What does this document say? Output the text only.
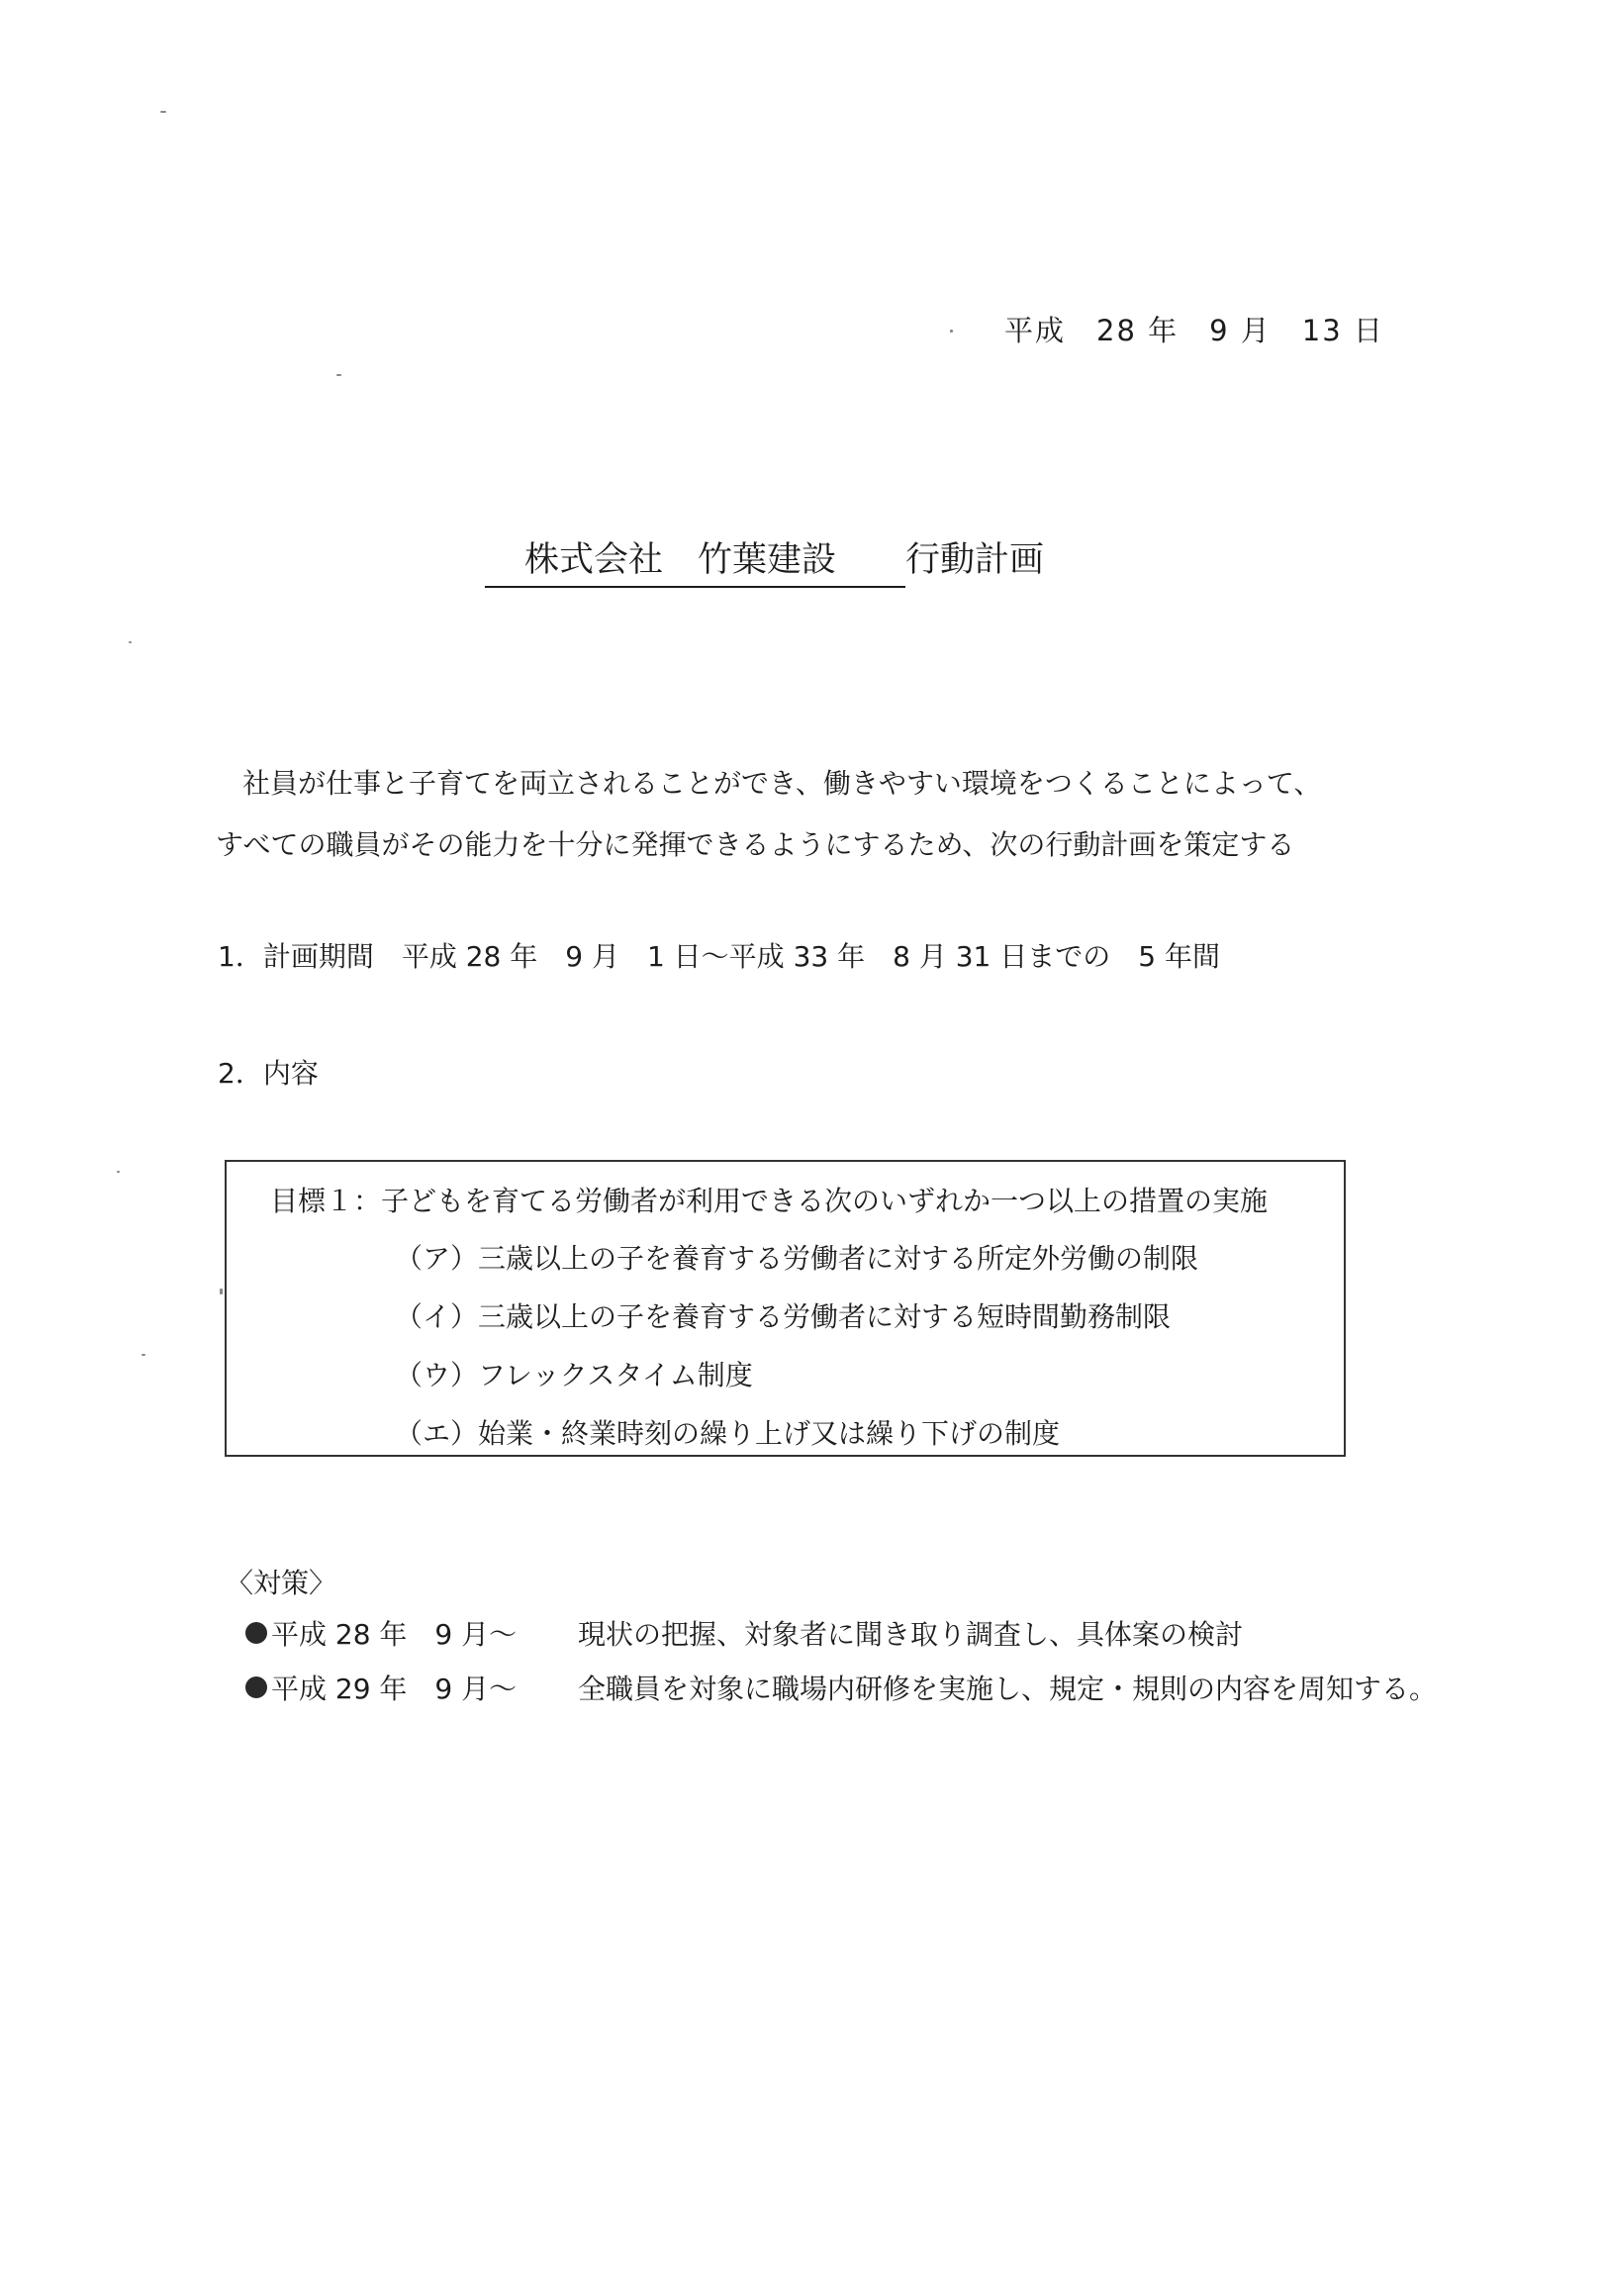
平成　28 年　9 月　13 日
株式会社　竹葉建設	行動計画
社員が仕事と子育てを両立されることができ、働きやすい環境をつくることによって、
すべての職員がその能力を十分に発揮できるようにするため、次の行動計画を策定する
1．計画期間　平成 28 年　9 月　1 日～平成 33 年　8 月 31 日までの　5 年間
2．内容
目標１：子どもを育てる労働者が利用できる次のいずれか一つ以上の措置の実施
（ア）三歳以上の子を養育する労働者に対する所定外労働の制限
（イ）三歳以上の子を養育する労働者に対する短時間勤務制限
（ウ）フレックスタイム制度
（エ）始業・終業時刻の繰り上げ又は繰り下げの制度
〈対策〉
平成 28 年　9 月～	現状の把握、対象者に聞き取り調査し、具体案の検討
平成 29 年　9 月～	全職員を対象に職場内研修を実施し、規定・規則の内容を周知する。
